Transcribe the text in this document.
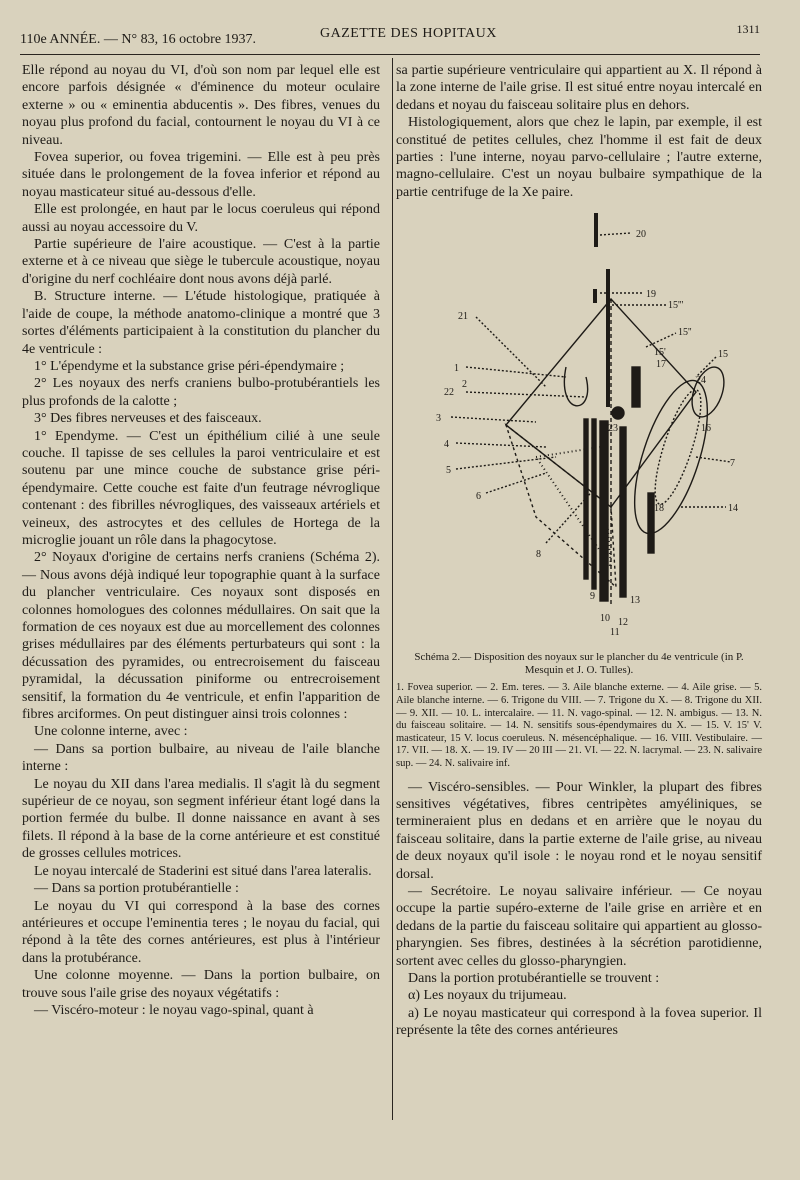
110e ANNÉE. — N° 83, 16 octobre 1937.	GAZETTE DES HOPITAUX	1311

Elle répond au noyau du VI, d'où son nom par lequel elle est encore parfois désignée « d'éminence du moteur oculaire externe » ou « eminentia abducentis ». Des fibres, venues du noyau plus profond du facial, contournent le noyau du VI à ce niveau.

Fovea superior, ou fovea trigemini. — Elle est à peu près située dans le prolongement de la fovea inferior et répond au noyau masticateur situé au-dessous d'elle.

Elle est prolongée, en haut par le locus coeruleus qui répond aussi au noyau accessoire du V.

Partie supérieure de l'aire acoustique. — C'est à la partie externe et à ce niveau que siège le tubercule acoustique, noyau d'origine du nerf cochléaire dont nous avons déjà parlé.

B. Structure interne. — L'étude histologique, pratiquée à l'aide de coupe, la méthode anatomo-clinique a montré que 3 sortes d'éléments participaient à la constitution du plancher du 4e ventricule :

1° L'épendyme et la substance grise péri-épendymaire ;

2° Les noyaux des nerfs craniens bulbo-protubérantiels les plus profonds de la calotte ;

3° Des fibres nerveuses et des faisceaux.

1° Ependyme. — C'est un épithélium cilié à une seule couche. Il tapisse de ses cellules la paroi ventriculaire et est soutenu par une mince couche de substance grise péri-épendymaire. Cette couche est faite d'un feutrage névroglique contenant : des fibrilles névrogliques, des vaisseaux artériels et veineux, des astrocytes et des cellules de Hortega de la microglie jouant un rôle dans la phagocytose.

2° Noyaux d'origine de certains nerfs craniens (Schéma 2). — Nous avons déjà indiqué leur topographie quant à la surface du plancher ventriculaire. Ces noyaux sont disposés en colonnes homologues des colonnes médullaires. On sait que la formation de ces noyaux est due au morcellement des colonnes grises médullaires par des éléments perturbateurs qui sont : la décussation des pyramides, ou entrecroisement du faisceau pyramidal, la décussation piniforme ou entrecroisement sensitif, la formation du 4e ventricule, et enfin l'apparition de fibres arciformes. On peut distinguer ainsi trois colonnes :

Une colonne interne, avec :

— Dans sa portion bulbaire, au niveau de l'aile blanche interne :

Le noyau du XII dans l'area medialis. Il s'agit là du segment supérieur de ce noyau, son segment inférieur étant logé dans la portion fermée du bulbe. Il donne naissance en avant à ses filets. Il répond à la base de la corne antérieure et est constitué de grosses cellules motrices.

Le noyau intercalé de Staderini est situé dans l'area lateralis.

— Dans sa portion protubérantielle :

Le noyau du VI qui correspond à la base des cornes antérieures et occupe l'eminentia teres ; le noyau du facial, qui répond à la tête des cornes antérieures, est plus à l'intérieur dans la protubérance.

Une colonne moyenne. — Dans la portion bulbaire, on trouve sous l'aile grise des noyaux végétatifs :

— Viscéro-moteur : le noyau vago-spinal, quant à

sa partie supérieure ventriculaire qui appartient au X. Il répond à la zone interne de l'aile grise. Il est situé entre noyau intercalé en dedans et noyau du faisceau solitaire plus en dehors.

Histologiquement, alors que chez le lapin, par exemple, il est constitué de petites cellules, chez l'homme il est fait de deux parties : l'une interne, noyau parvo-cellulaire ; l'autre externe, magno-cellulaire. C'est un noyau bulbaire sympathique de la partie centrifuge de la Xe paire.

20
19
15'''
21
15''
15'
17
15
24
1
22
2
23	16
3
4
5
6
7
14
18
8
9
10
11
13
12
Schéma 2.— Disposition des noyaux sur le plancher du 4e ventricule (in P. Mesquin et J. O. Tulles).
1. Fovea superior. — 2. Em. teres. — 3. Aile blanche externe. — 4. Aile grise. — 5. Aile blanche interne. — 6. Trigone du VIII. — 7. Trigone du X. — 8. Trigone du XII. — 9. XII. — 10. L. intercalaire. — 11. N. vago-spinal. — 12. N. ambigus. — 13. N. du faisceau solitaire. — 14. N. sensitifs sous-épendymaires du X. — 15. V. 15' V. masticateur, 15 V. locus coeruleus. N. mésencéphalique. — 16. VIII. Vestibulaire. — 17. VII. — 18. X. — 19. IV — 20 III — 21. VI. — 22. N. lacrymal. — 23. N. salivaire sup. — 24. N. salivaire inf.

— Viscéro-sensibles. — Pour Winkler, la plupart des fibres sensitives végétatives, fibres centripètes amyéliniques, se termineraient plus en dedans et en arrière que le noyau du faisceau solitaire, dans la partie externe de l'aile grise, au niveau de deux noyaux qu'il isole : le noyau rond et le noyau sensitif dorsal.

— Secrétoire. Le noyau salivaire inférieur. — Ce noyau occupe la partie supéro-externe de l'aile grise en arrière et en dedans de la partie du faisceau solitaire qui appartient au glosso-pharyngien. Ses fibres, destinées à la sécrétion parotidienne, sortent avec celles du glosso-pharyngien.

Dans la portion protubérantielle se trouvent :

α) Les noyaux du trijumeau.

a) Le noyau masticateur qui correspond à la fovea superior. Il représente la tête des cornes antérieures
